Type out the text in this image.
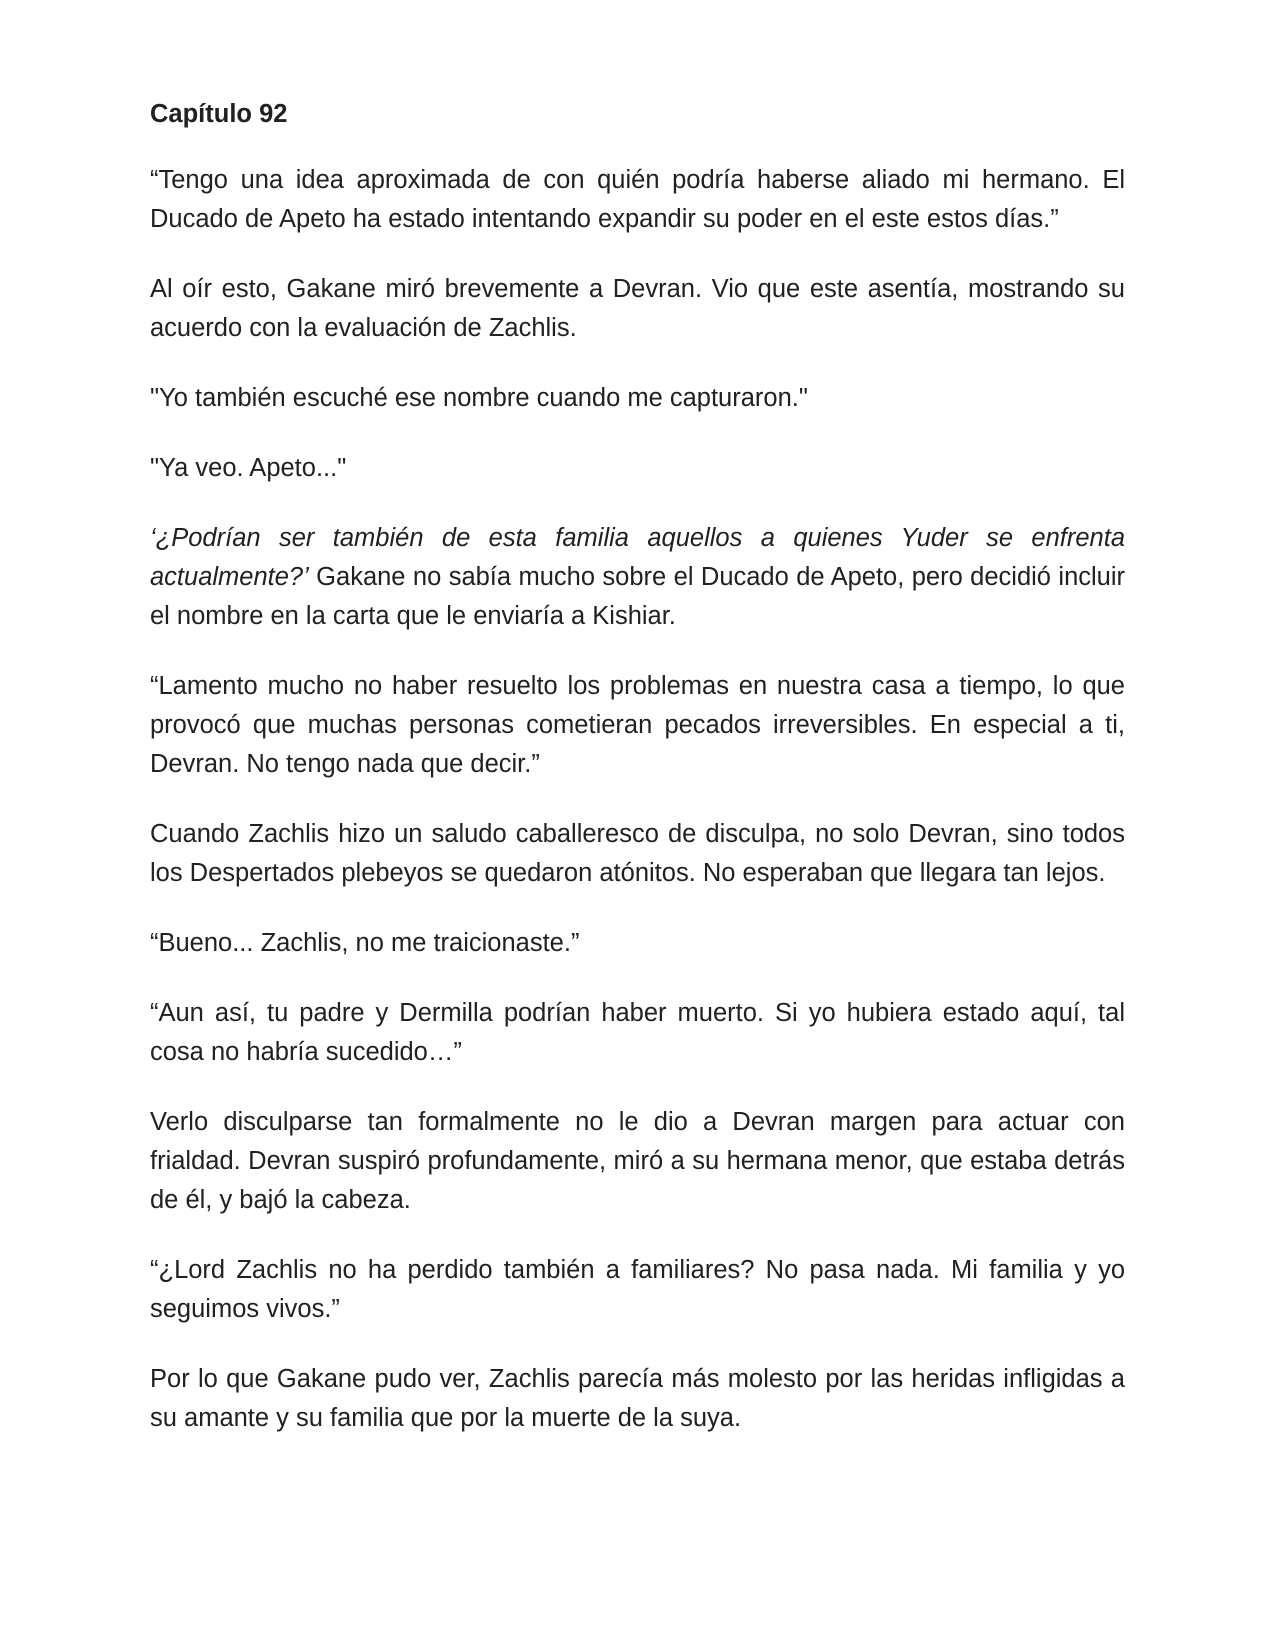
Capítulo 92

“Tengo una idea aproximada de con quién podría haberse aliado mi hermano. El Ducado de Apeto ha estado intentando expandir su poder en el este estos días.”

Al oír esto, Gakane miró brevemente a Devran. Vio que este asentía, mostrando su acuerdo con la evaluación de Zachlis.

"Yo también escuché ese nombre cuando me capturaron."

"Ya veo. Apeto..."

‘¿Podrían ser también de esta familia aquellos a quienes Yuder se enfrenta actualmente?’ Gakane no sabía mucho sobre el Ducado de Apeto, pero decidió incluir el nombre en la carta que le enviaría a Kishiar.

“Lamento mucho no haber resuelto los problemas en nuestra casa a tiempo, lo que provocó que muchas personas cometieran pecados irreversibles. En especial a ti, Devran. No tengo nada que decir.”

Cuando Zachlis hizo un saludo caballeresco de disculpa, no solo Devran, sino todos los Despertados plebeyos se quedaron atónitos. No esperaban que llegara tan lejos.

“Bueno... Zachlis, no me traicionaste.”

“Aun así, tu padre y Dermilla podrían haber muerto. Si yo hubiera estado aquí, tal cosa no habría sucedido…”

Verlo disculparse tan formalmente no le dio a Devran margen para actuar con frialdad. Devran suspiró profundamente, miró a su hermana menor, que estaba detrás de él, y bajó la cabeza.

“¿Lord Zachlis no ha perdido también a familiares? No pasa nada. Mi familia y yo seguimos vivos.”

Por lo que Gakane pudo ver, Zachlis parecía más molesto por las heridas infligidas a su amante y su familia que por la muerte de la suya.
